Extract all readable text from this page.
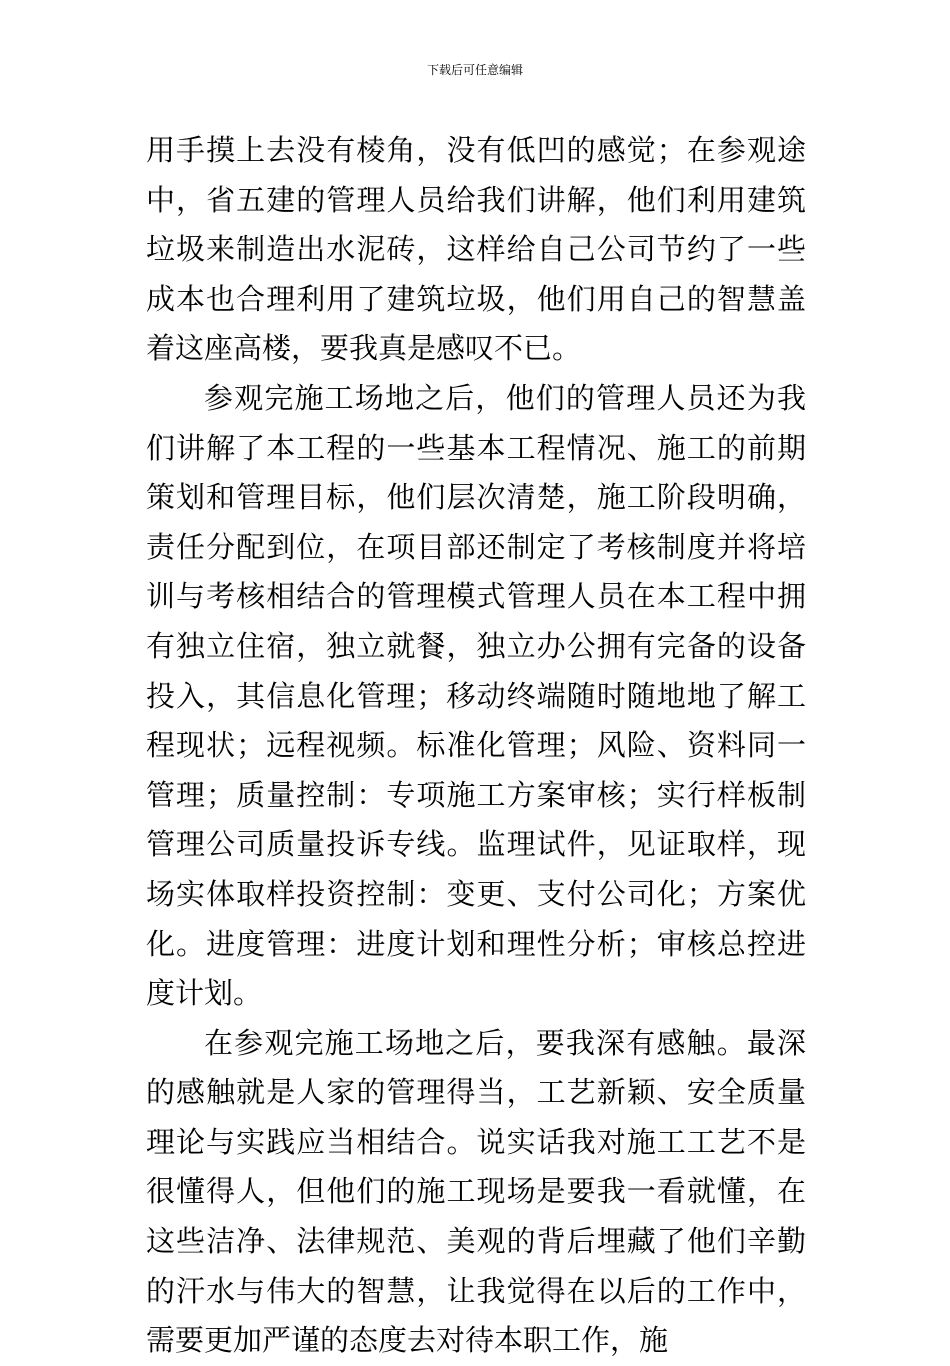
下载后可任意编辑

用手摸上去没有棱角，没有低凹的感觉；在参观途中，省五建的管理人员给我们讲解，他们利用建筑垃圾来制造出水泥砖，这样给自己公司节约了一些成本也合理利用了建筑垃圾，他们用自己的智慧盖着这座高楼，要我真是感叹不已。

参观完施工场地之后，他们的管理人员还为我们讲解了本工程的一些基本工程情况、施工的前期策划和管理目标，他们层次清楚，施工阶段明确，责任分配到位，在项目部还制定了考核制度并将培训与考核相结合的管理模式管理人员在本工程中拥有独立住宿，独立就餐，独立办公拥有完备的设备投入，其信息化管理；移动终端随时随地地了解工程现状；远程视频。标准化管理；风险、资料同一管理；质量控制：专项施工方案审核；实行样板制管理公司质量投诉专线。监理试件，见证取样，现场实体取样投资控制：变更、支付公司化；方案优化。进度管理：进度计划和理性分析；审核总控进度计划。

在参观完施工场地之后，要我深有感触。最深的感触就是人家的管理得当，工艺新颖、安全质量理论与实践应当相结合。说实话我对施工工艺不是很懂得人，但他们的施工现场是要我一看就懂，在这些洁净、法律规范、美观的背后埋藏了他们辛勤的汗水与伟大的智慧，让我觉得在以后的工作中，需要更加严谨的态度去对待本职工作，施
